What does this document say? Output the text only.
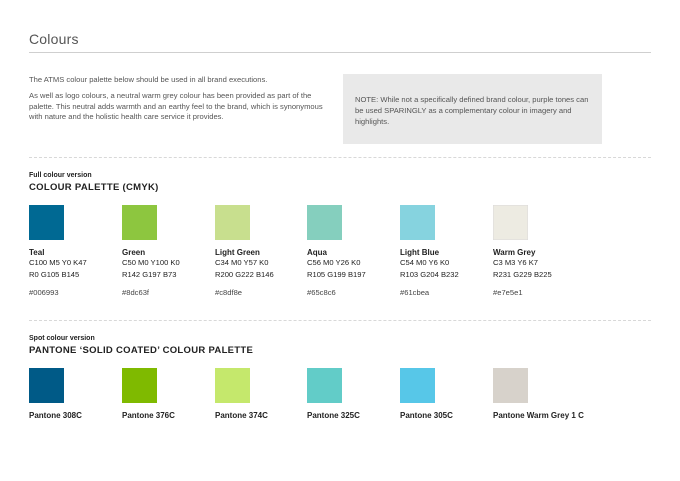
Colours

The ATMS colour palette below should be used in all brand executions.

As well as logo colours, a neutral warm grey colour has been provided as part of the palette. This neutral adds warmth and an earthy feel to the brand, which is synonymous with nature and the holistic health care service it provides.

NOTE: While not a specifically defined brand colour, purple tones can be used SPARINGLY as a complementary colour in imagery and highlights.
Full colour version
COLOUR PALETTE (CMYK)
Teal
C100 M5 Y0 K47
R0 G105 B145
#006993
Green
C50 M0 Y100 K0
R142 G197 B73
#8dc63f
Light Green
C34 M0 Y57 K0
R200 G222 B146
#c8df8e
Aqua
C56 M0 Y26 K0
R105 G199 B197
#65c8c6
Light Blue
C54 M0 Y6 K0
R103 G204 B232
#61cbea
Warm Grey
C3 M3 Y6 K7
R231 G229 B225
#e7e5e1
Spot colour version
PANTONE ‘SOLID COATED’ COLOUR PALETTE
Pantone 308C	Pantone 376C	Pantone 374C	Pantone 325C	Pantone 305C	Pantone Warm Grey 1 C
